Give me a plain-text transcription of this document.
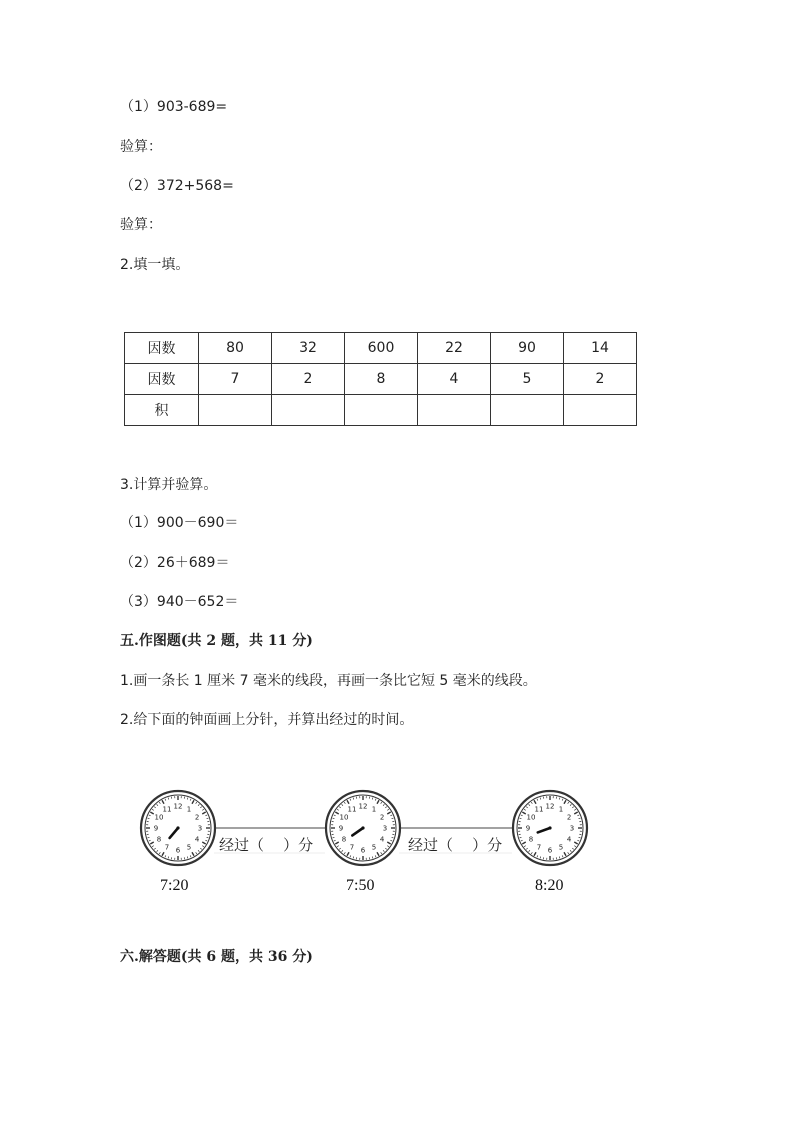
（1）903-689=
验算：
（2）372+568=
验算：
2.填一填。
因数	80	32	600	22	90	14
因数	7	2	8	4	5	2
积						
3.计算并验算。
（1）900－690＝
（2）26＋689＝
（3）940－652＝
五.作图题(共 2 题，共 11 分)
1.画一条长 1 厘米 7 毫米的线段，再画一条比它短 5 毫米的线段。
2.给下面的钟面画上分针，并算出经过的时间。
1
2
3
4
5
6
7
8
9
10
11 12	1
2
3
4
5
6
7
8
9
10
11 12	1
2
3
4
5
6
7
8
9
10
11 12
经过（    ）分	经过（    ）分
7:20	7:50	8:20
六.解答题(共 6 题，共 36 分)
